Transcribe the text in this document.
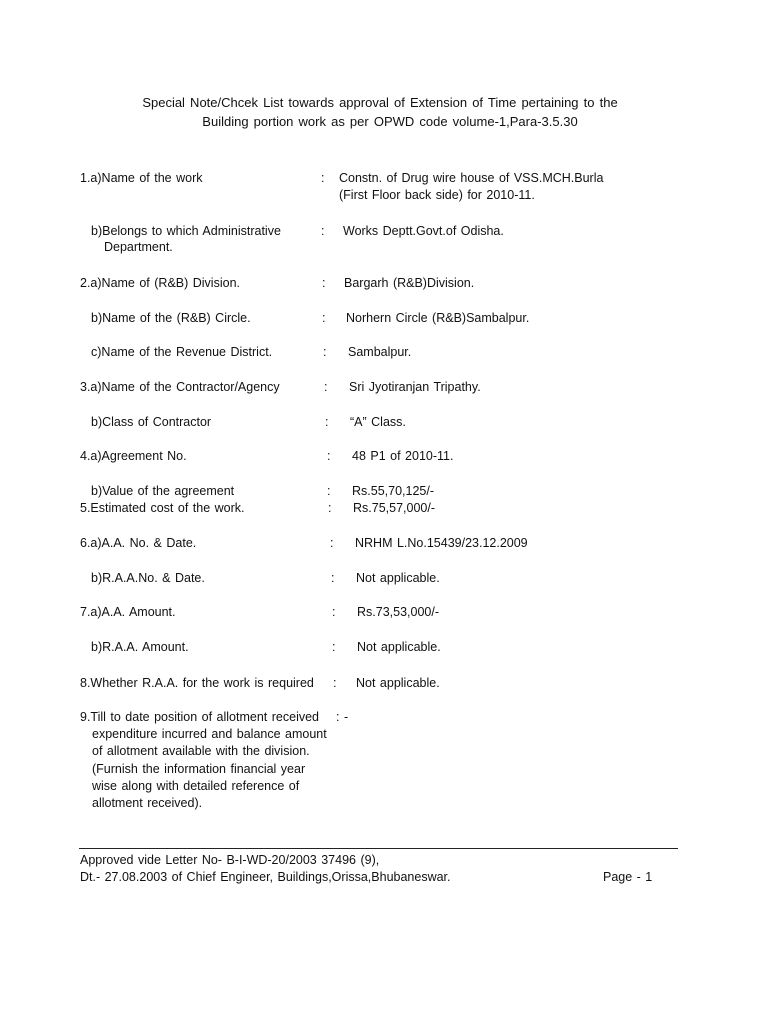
Special Note/Chcek List towards approval of Extension of Time pertaining to the
Building portion work as per OPWD code volume-1,Para-3.5.30
1.a)Name of the work	: Constn. of Drug wire house of VSS.MCH.Burla
(First Floor back side) for 2010-11.
b)Belongs to which Administrative
Department.
: Works Deptt.Govt.of Odisha.
2.a)Name of (R&B) Division.	: Bargarh (R&B)Division.
b)Name of the (R&B) Circle.	: Norhern Circle (R&B)Sambalpur.
c)Name of the Revenue District.	: Sambalpur.
3.a)Name of the Contractor/Agency	: Sri Jyotiranjan Tripathy.
b)Class of Contractor	: “A” Class.
4.a)Agreement No.	: 48 P1 of 2010-11.
b)Value of the agreement	: Rs.55,70,125/-
5.Estimated cost of the work.	: Rs.75,57,000/-
6.a)A.A. No. & Date.	: NRHM L.No.15439/23.12.2009
b)R.A.A.No. & Date.	: Not applicable.
7.a)A.A. Amount.	: Rs.73,53,000/-
b)R.A.A. Amount.	: Not applicable.
8.Whether R.A.A. for the work is required : Not applicable.
9.Till to date position of allotment received : -
expenditure incurred and balance amount
of allotment available with the division.
(Furnish the information financial year
wise along with detailed reference of
allotment received).
Approved vide Letter No- B-I-WD-20/2003 37496 (9),
Dt.- 27.08.2003 of Chief Engineer, Buildings,Orissa,Bhubaneswar.	Page - 1
